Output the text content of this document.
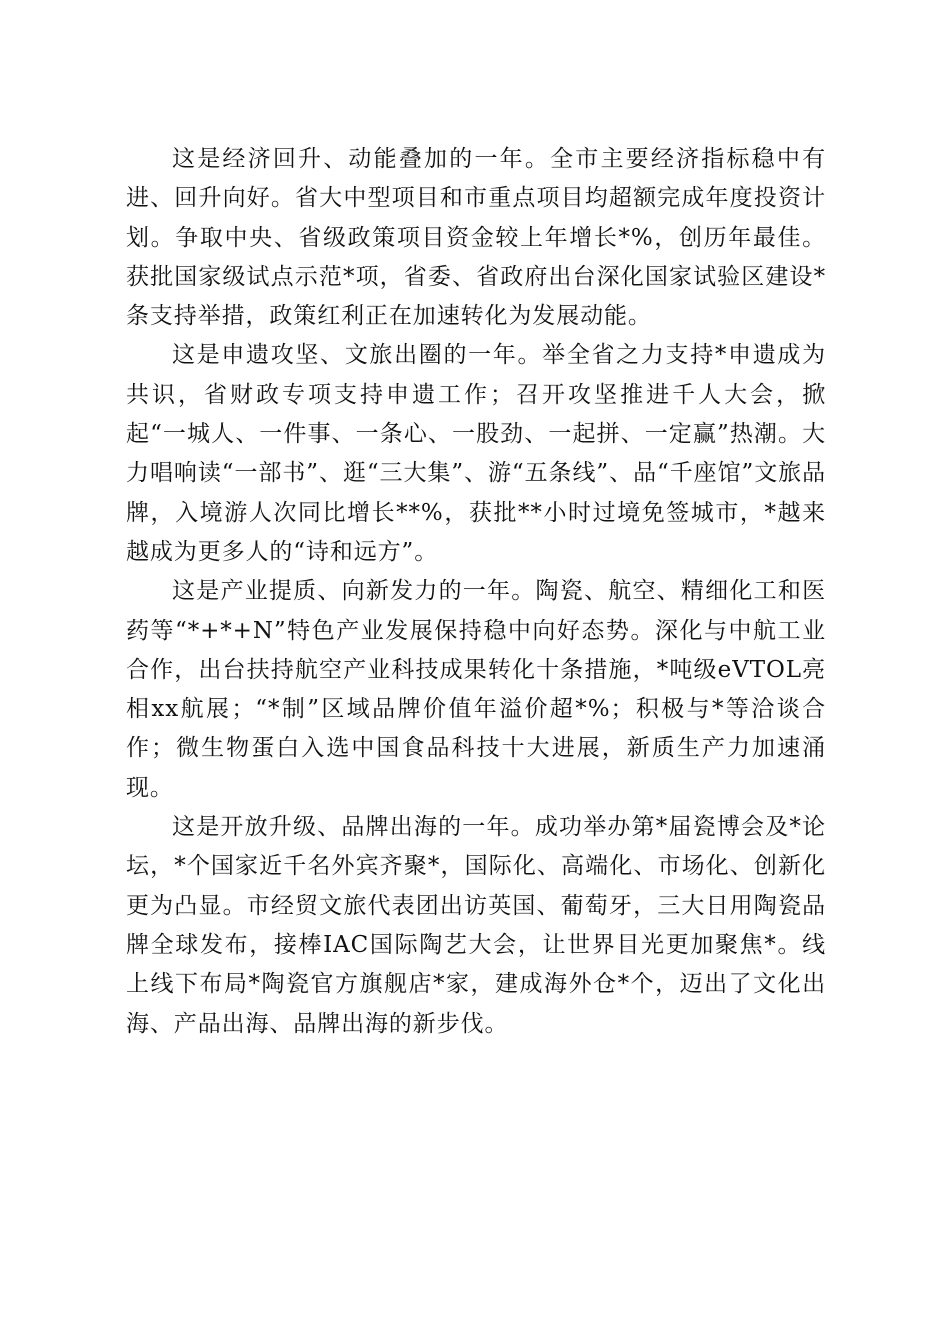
这是经济回升、动能叠加的一年。全市主要经济指标稳中有进、回升向好。省大中型项目和市重点项目均超额完成年度投资计划。争取中央、省级政策项目资金较上年增长*%，创历年最佳。获批国家级试点示范*项，省委、省政府出台深化国家试验区建设*条支持举措，政策红利正在加速转化为发展动能。

这是申遗攻坚、文旅出圈的一年。举全省之力支持*申遗成为共识，省财政专项支持申遗工作；召开攻坚推进千人大会，掀起“一城人、一件事、一条心、一股劲、一起拼、一定赢”热潮。大力唱响读“一部书”、逛“三大集”、游“五条线”、品“千座馆”文旅品牌，入境游人次同比增长**%，获批**小时过境免签城市，*越来越成为更多人的“诗和远方”。

这是产业提质、向新发力的一年。陶瓷、航空、精细化工和医药等“*+*+N”特色产业发展保持稳中向好态势。深化与中航工业合作，出台扶持航空产业科技成果转化十条措施，*吨级eVTOL亮相xx航展；“*制”区域品牌价值年溢价超*%；积极与*等洽谈合作；微生物蛋白入选中国食品科技十大进展，新质生产力加速涌现。

这是开放升级、品牌出海的一年。成功举办第*届瓷博会及*论坛，*个国家近千名外宾齐聚*，国际化、高端化、市场化、创新化更为凸显。市经贸文旅代表团出访英国、葡萄牙，三大日用陶瓷品牌全球发布，接棒IAC国际陶艺大会，让世界目光更加聚焦*。线上线下布局*陶瓷官方旗舰店*家，建成海外仓*个，迈出了文化出海、产品出海、品牌出海的新步伐。
